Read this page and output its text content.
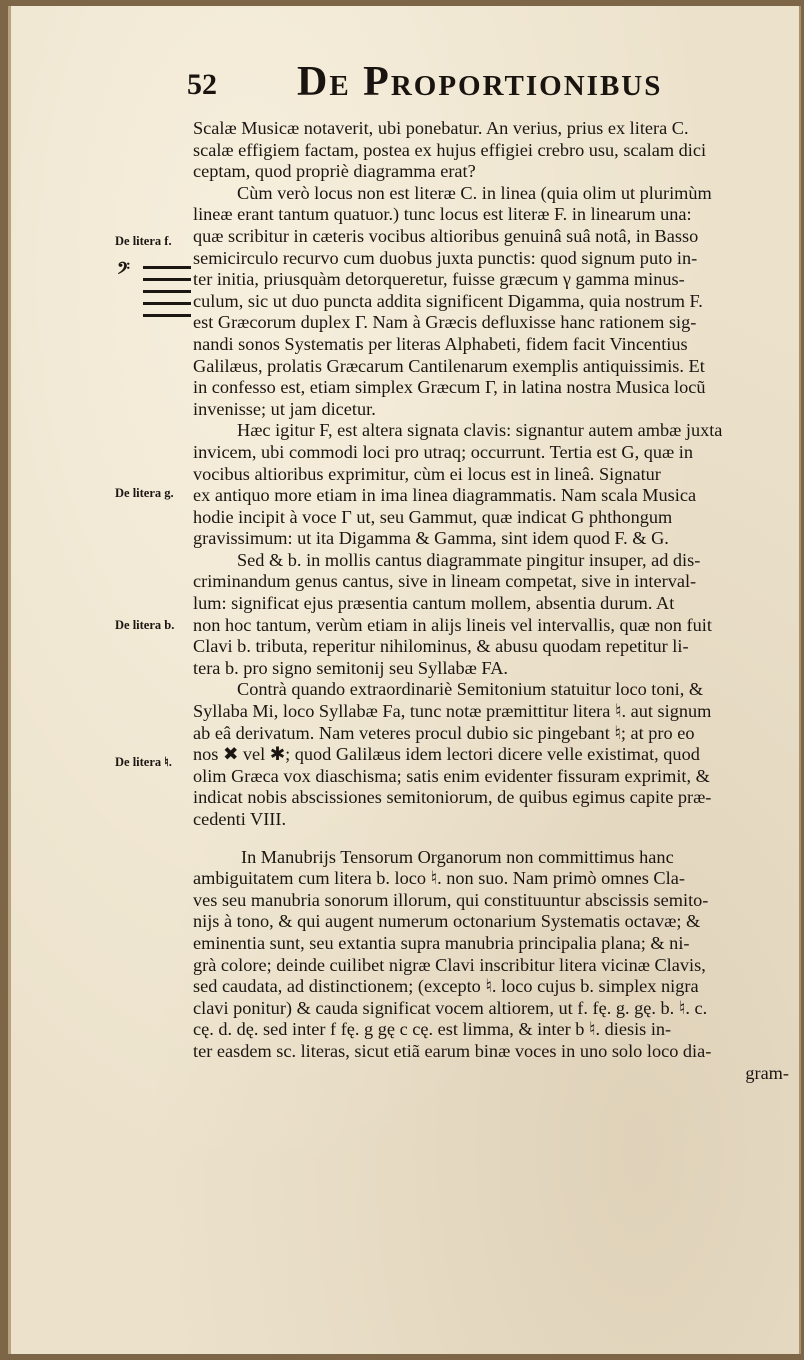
52 De Proportionibus
De litera f.
𝄢
De litera g.
De litera b.
De litera ♮.
Scalæ Musicæ notaverit, ubi ponebatur. An verius, prius ex litera C.
scalæ effigiem factam, postea ex hujus effigiei crebro usu, scalam dici
ceptam, quod propriè diagramma erat?
Cùm verò locus non est literæ C. in linea (quia olim ut plurimùm
lineæ erant tantum quatuor.) tunc locus est literæ F. in linearum una:
quæ scribitur in cæteris vocibus altioribus genuinâ suâ notâ, in Basso
semicirculo recurvo cum duobus juxta punctis: quod signum puto in-
ter initia, priusquàm detorqueretur, fuisse græcum γ gamma minus-
culum, sic ut duo puncta addita significent Digamma, quia nostrum F.
est Græcorum duplex Γ. Nam à Græcis defluxisse hanc rationem sig-
nandi sonos Systematis per literas Alphabeti, fidem facit Vincentius
Galilæus, prolatis Græcarum Cantilenarum exemplis antiquissimis. Et
in confesso est, etiam simplex Græcum Γ, in latina nostra Musica locũ
invenisse; ut jam dicetur.
Hæc igitur F, est altera signata clavis: signantur autem ambæ juxta
invicem, ubi commodi loci pro utraq; occurrunt. Tertia est G, quæ in
vocibus altioribus exprimitur, cùm ei locus est in lineâ. Signatur
ex antiquo more etiam in ima linea diagrammatis. Nam scala Musica
hodie incipit à voce Γ ut, seu Gammut, quæ indicat G phthongum
gravissimum: ut ita Digamma & Gamma, sint idem quod F. & G.
Sed & b. in mollis cantus diagrammate pingitur insuper, ad dis-
criminandum genus cantus, sive in lineam competat, sive in interval-
lum: significat ejus præsentia cantum mollem, absentia durum. At
non hoc tantum, verùm etiam in alijs lineis vel intervallis, quæ non fuit
Clavi b. tributa, reperitur nihilominus, & abusu quodam repetitur li-
tera b. pro signo semitonij seu Syllabæ FA.
Contrà quando extraordinariè Semitonium statuitur loco toni, &
Syllaba Mi, loco Syllabæ Fa, tunc notæ præmittitur litera ♮. aut signum
ab eâ derivatum. Nam veteres procul dubio sic pingebant ♮; at pro eo
nos ✖ vel ✱; quod Galilæus idem lectori dicere velle existimat, quod
olim Græca vox diaschisma; satis enim evidenter fissuram exprimit, &
indicat nobis abscissiones semitoniorum, de quibus egimus capite præ-
cedenti VIII.
In Manubrijs Tensorum Organorum non committimus hanc
ambiguitatem cum litera b. loco ♮. non suo. Nam primò omnes Cla-
ves seu manubria sonorum illorum, qui constituuntur abscissis semito-
nijs à tono, & qui augent numerum octonarium Systematis octavæ; &
eminentia sunt, seu extantia supra manubria principalia plana; & ni-
grà colore; deinde cuilibet nigræ Clavi inscribitur litera vicinæ Clavis,
sed caudata, ad distinctionem; (excepto ♮. loco cujus b. simplex nigra
clavi ponitur) & cauda significat vocem altiorem, ut f. fę. g. gę. b. ♮. c.
cę. d. dę. sed inter f fę. g gę c cę. est limma, & inter b ♮. diesis in-
ter easdem sc. literas, sicut etiã earum binæ voces in uno solo loco dia-
gram-
